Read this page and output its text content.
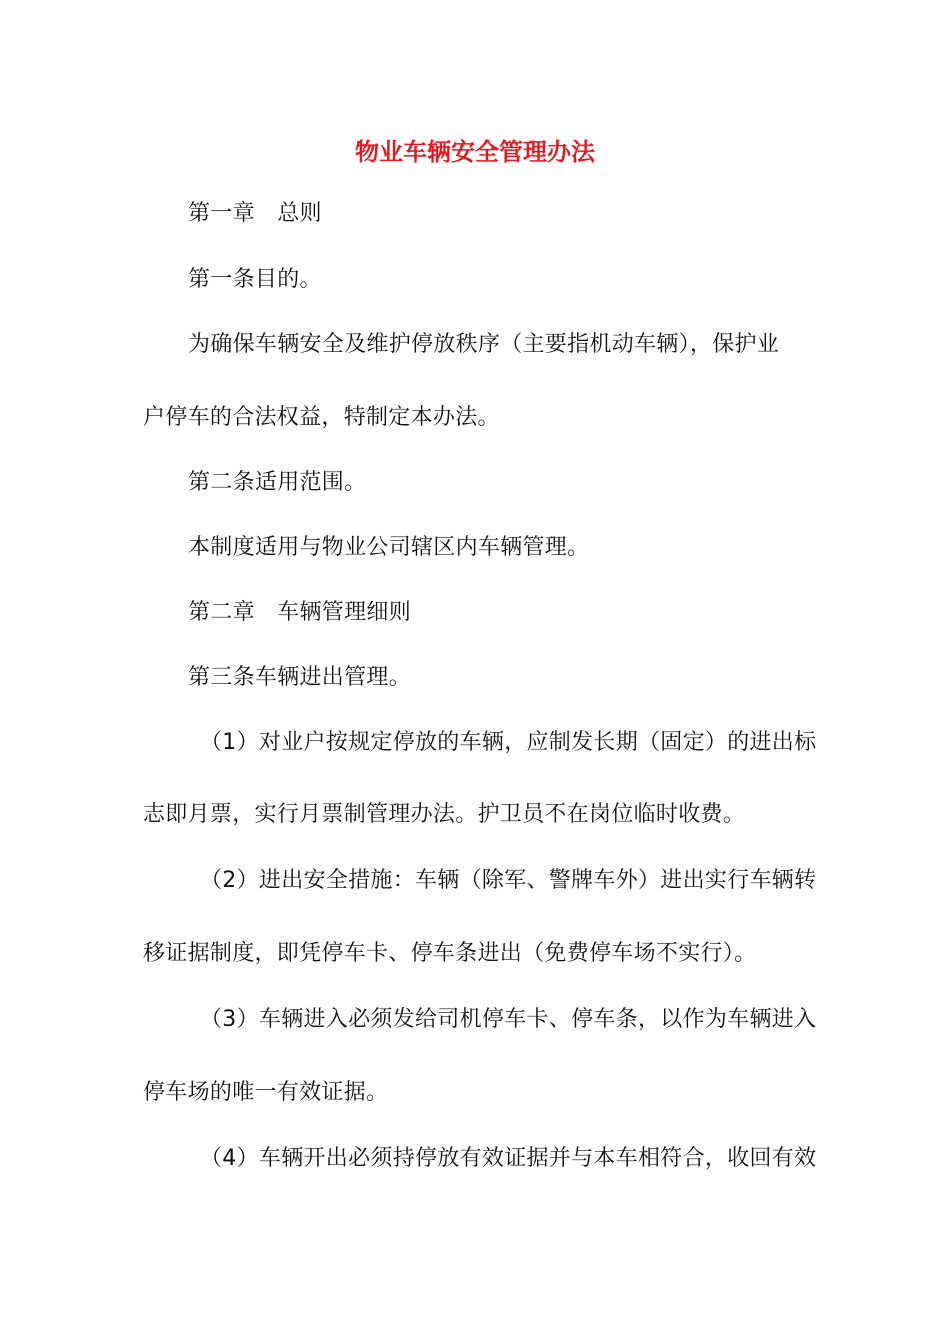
物业车辆安全管理办法
第一章　总则
第一条目的。
为确保车辆安全及维护停放秩序（主要指机动车辆），保护业
户停车的合法权益，特制定本办法。
第二条适用范围。
本制度适用与物业公司辖区内车辆管理。
第二章　车辆管理细则
第三条车辆进出管理。
（1）对业户按规定停放的车辆，应制发长期（固定）的进出标
志即月票，实行月票制管理办法。护卫员不在岗位临时收费。
（2）进出安全措施：车辆（除军、警牌车外）进出实行车辆转
移证据制度，即凭停车卡、停车条进出（免费停车场不实行）。
（3）车辆进入必须发给司机停车卡、停车条，以作为车辆进入
停车场的唯一有效证据。
（4）车辆开出必须持停放有效证据并与本车相符合，收回有效
